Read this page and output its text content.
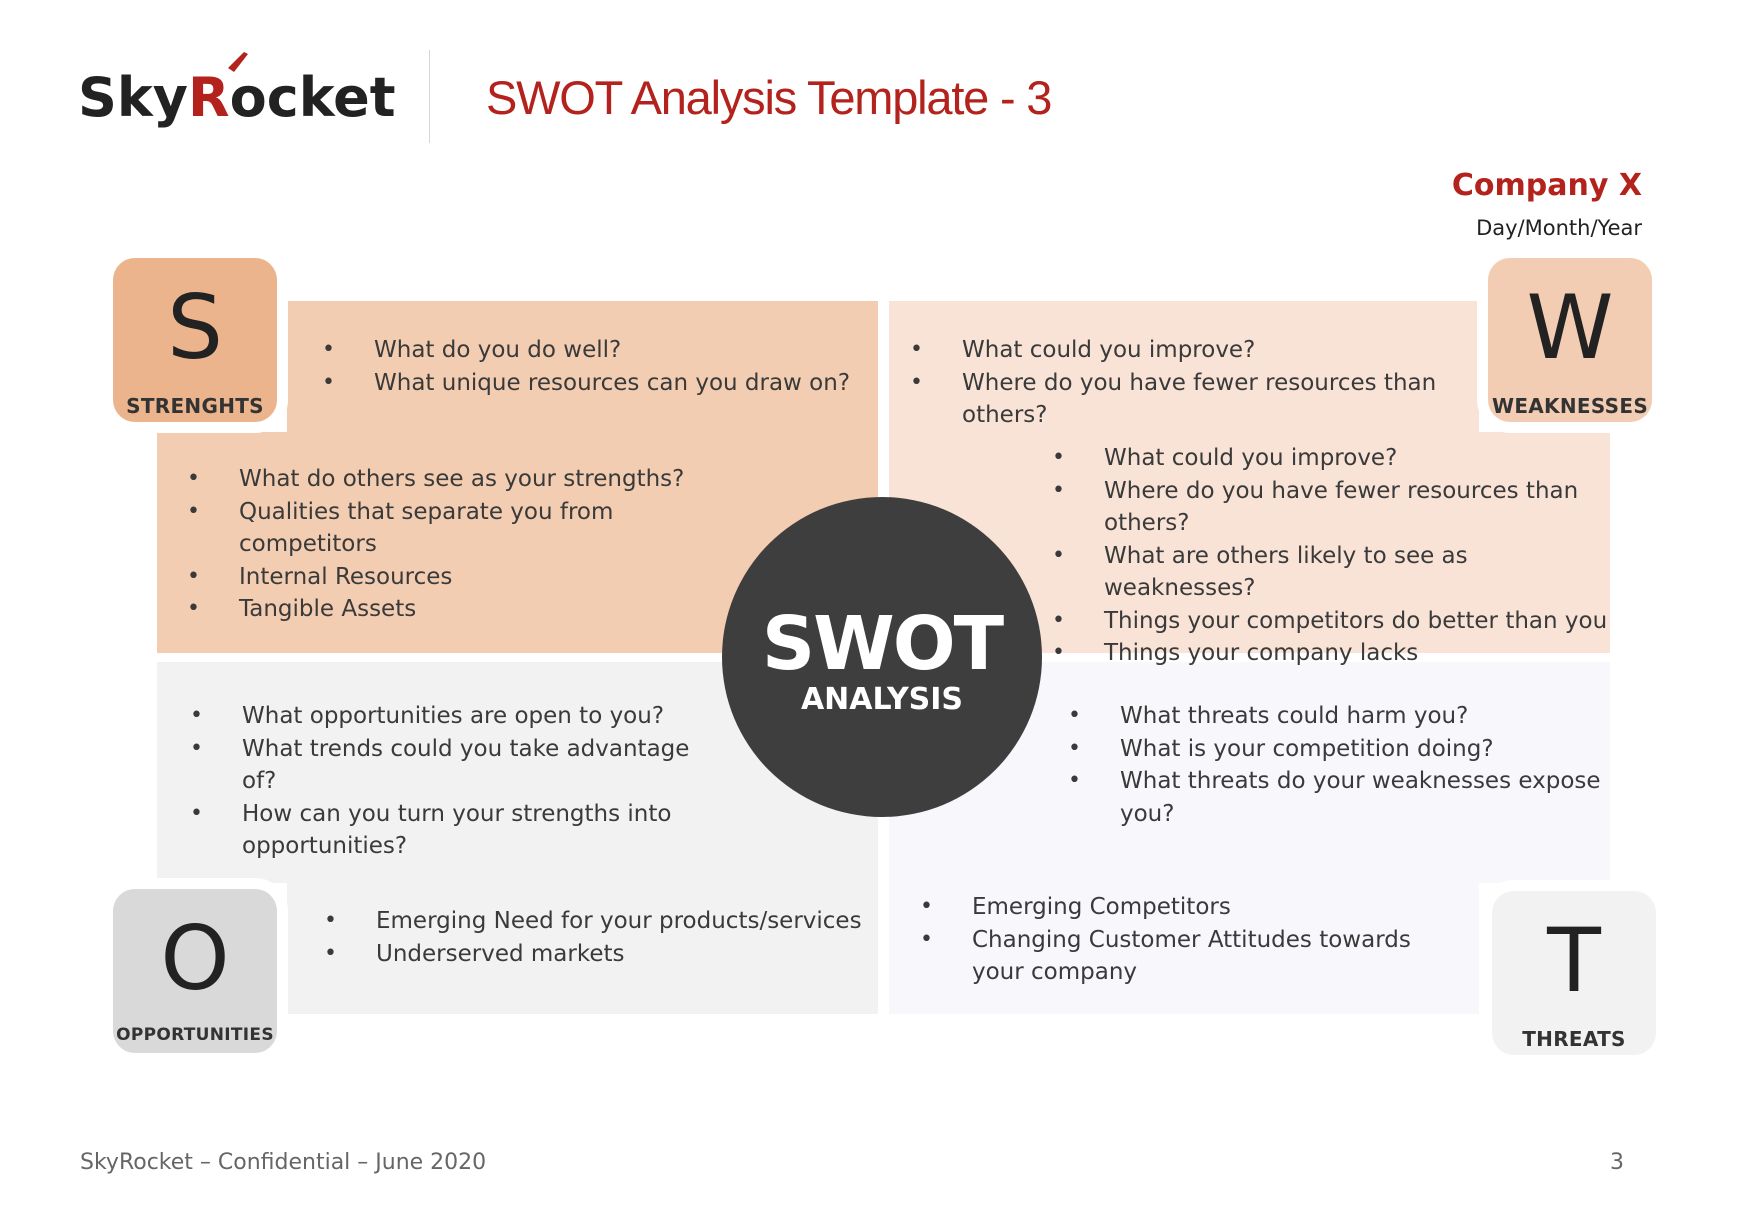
SkyRocket SWOT Analysis Template - 3
Company X
Day/Month/Year
• What do you do well?
• What unique resources can you draw on?
• What do others see as your strengths?
• Qualities that separate you from competitors
• Internal Resources
• Tangible Assets
• What could you improve?
• Where do you have fewer resources than others?
• What could you improve?
• Where do you have fewer resources than others?
• What are others likely to see as weaknesses?
• Things your competitors do better than you
• Things your company lacks
• What opportunities are open to you?
• What trends could you take advantage of?
• How can you turn your strengths into opportunities?
• Emerging Need for your products/services
• Underserved markets
• What threats could harm you?
• What is your competition doing?
• What threats do your weaknesses expose you?
• Emerging Competitors
• Changing Customer Attitudes towards your company
SWOT
ANALYSIS
S
STRENGHTS
W
WEAKNESSES
O
OPPORTUNITIES
T
THREATS
SkyRocket – Confidential – June 2020	3
